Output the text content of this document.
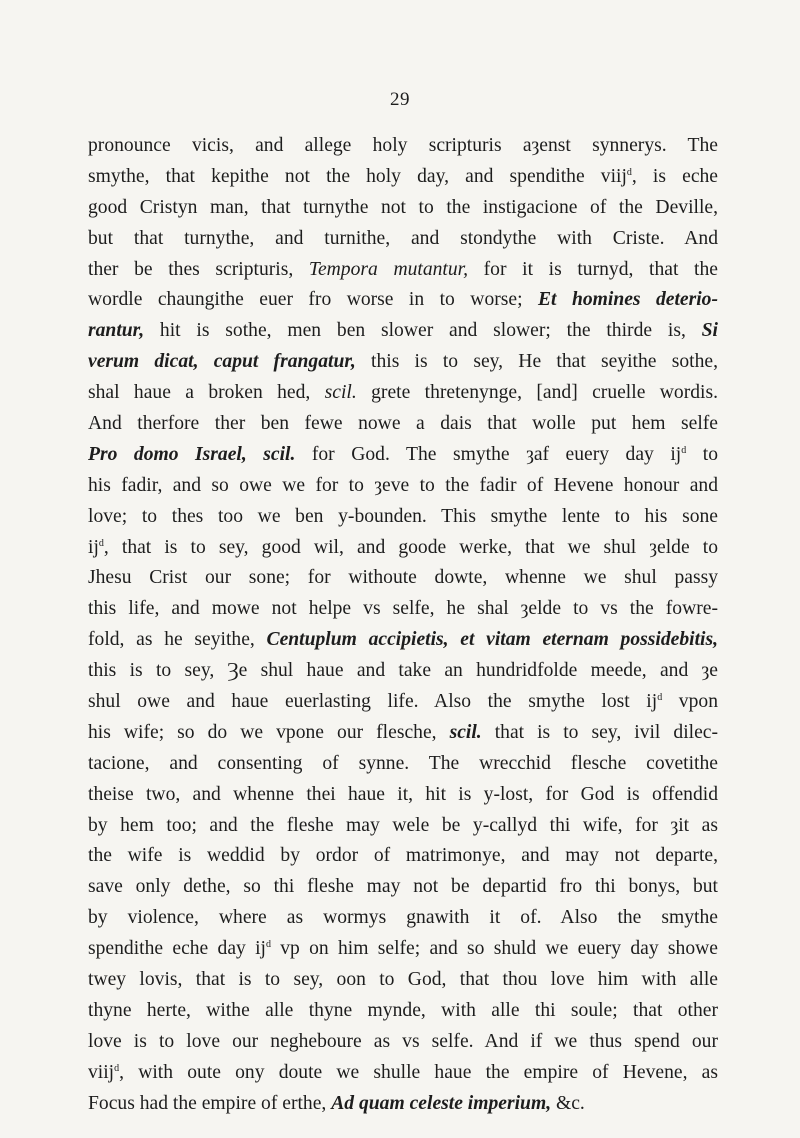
29
pronounce vicis, and allege holy scripturis aȝenst synnerys. The
smythe, that kepithe not the holy day, and spendithe viij$^d$, is eche
good Cristyn man, that turnythe not to the instigacione of the Deville,
but that turnythe, and turnithe, and stondythe with Criste. And
ther be thes scripturis, Tempora mutantur, for it is turnyd, that the
wordle chaungithe euer fro worse in to worse; Et homines deterio-
rantur, hit is sothe, men ben slower and slower; the thirde is, Si
verum dicat, caput frangatur, this is to sey, He that seyithe sothe,
shal haue a broken hed, scil. grete thretenynge, [and] cruelle wordis.
And therfore ther ben fewe nowe a dais that wolle put hem selfe
Pro domo Israel, scil. for God. The smythe ȝaf euery day $ij^d$ to
his fadir, and so owe we for to ȝeve to the fadir of Hevene honour and
love; to thes too we ben y-bounden. This smythe lente to his sone
$ij^d$, that is to sey, good wil, and goode werke, that we shul ȝelde to
Jhesu Crist our sone; for withoute dowte, whenne we shul passy
this life, and mowe not helpe vs selfe, he shal ȝelde to vs the fowre-
fold, as he seyithe, Centuplum accipietis, et vitam eternam possidebitis,
this is to sey, Ȝe shul haue and take an hundridfolde meede, and ȝe
shul owe and haue euerlasting life. Also the smythe lost $ij^d$ vpon
his wife; so do we vpone our flesche, scil. that is to sey, ivil dilec-
tacione, and consenting of synne. The wrecchid flesche covetithe
theise two, and whenne thei haue it, hit is y-lost, for God is offendid
by hem too; and the fleshe may wele be y-callyd thi wife, for ȝit as
the wife is weddid by ordor of matrimonye, and may not departe,
save only dethe, so thi fleshe may not be departid fro thi bonys, but
by violence, where as wormys gnawith it of. Also the smythe
spendithe eche day $ij^d$ vp on him selfe; and so shuld we euery day showe
twey lovis, that is to sey, oon to God, that thou love him with alle
thyne herte, withe alle thyne mynde, with alle thi soule; that other
love is to love our negheboure as vs selfe. And if we thus spend our
viij$^d$, with oute ony doute we shulle haue the empire of Hevene, as
Focus had the empire of erthe, Ad quam celeste imperium, &c.
